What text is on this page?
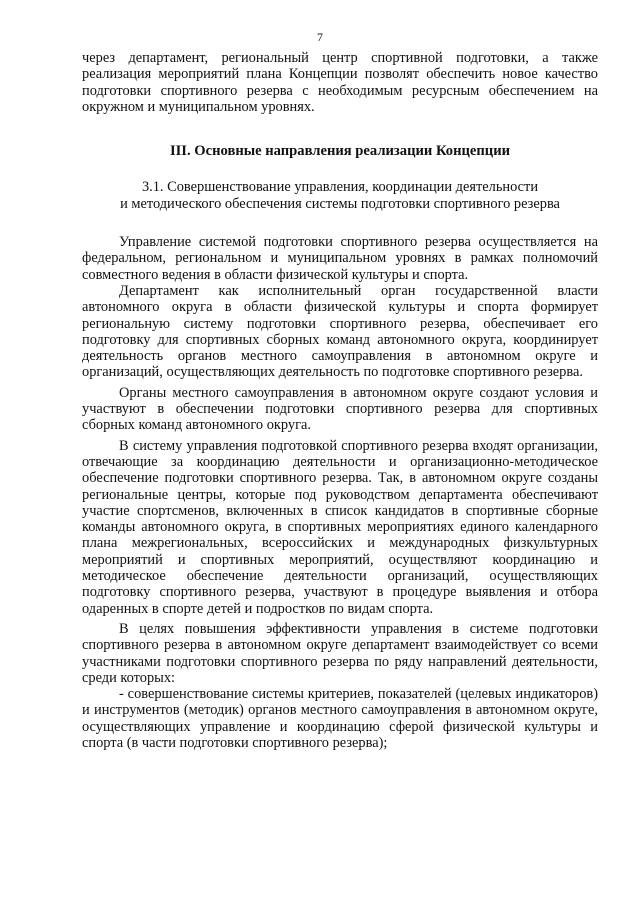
7

через департамент, региональный центр спортивной подготовки, а также реализация мероприятий плана Концепции позволят обеспечить новое качество подготовки спортивного резерва с необходимым ресурсным обеспечением на окружном и муниципальном уровнях.

III. Основные направления реализации Концепции

3.1. Совершенствование управления, координации деятельности
и методического обеспечения системы подготовки спортивного резерва

Управление системой подготовки спортивного резерва осуществляется на федеральном, региональном и муниципальном уровнях в рамках полномочий совместного ведения в области физической культуры и спорта.

Департамент как исполнительный орган государственной власти автономного округа в области физической культуры и спорта формирует региональную систему подготовки спортивного резерва, обеспечивает его подготовку для спортивных сборных команд автономного округа, координирует деятельность органов местного самоуправления в автономном округе и организаций, осуществляющих деятельность по подготовке спортивного резерва.

Органы местного самоуправления в автономном округе создают условия и участвуют в обеспечении подготовки спортивного резерва для спортивных сборных команд автономного округа.

В систему управления подготовкой спортивного резерва входят организации, отвечающие за координацию деятельности и организационно-методическое обеспечение подготовки спортивного резерва. Так, в автономном округе созданы региональные центры, которые под руководством департамента обеспечивают участие спортсменов, включенных в список кандидатов в спортивные сборные команды автономного округа, в спортивных мероприятиях единого календарного плана межрегиональных, всероссийских и международных физкультурных мероприятий и спортивных мероприятий, осуществляют координацию и методическое обеспечение деятельности организаций, осуществляющих подготовку спортивного резерва, участвуют в процедуре выявления и отбора одаренных в спорте детей и подростков по видам спорта.

В целях повышения эффективности управления в системе подготовки спортивного резерва в автономном округе департамент взаимодействует со всеми участниками подготовки спортивного резерва по ряду направлений деятельности, среди которых:

- совершенствование системы критериев, показателей (целевых индикаторов) и инструментов (методик) органов местного самоуправления в автономном округе, осуществляющих управление и координацию сферой физической культуры и спорта (в части подготовки спортивного резерва);
